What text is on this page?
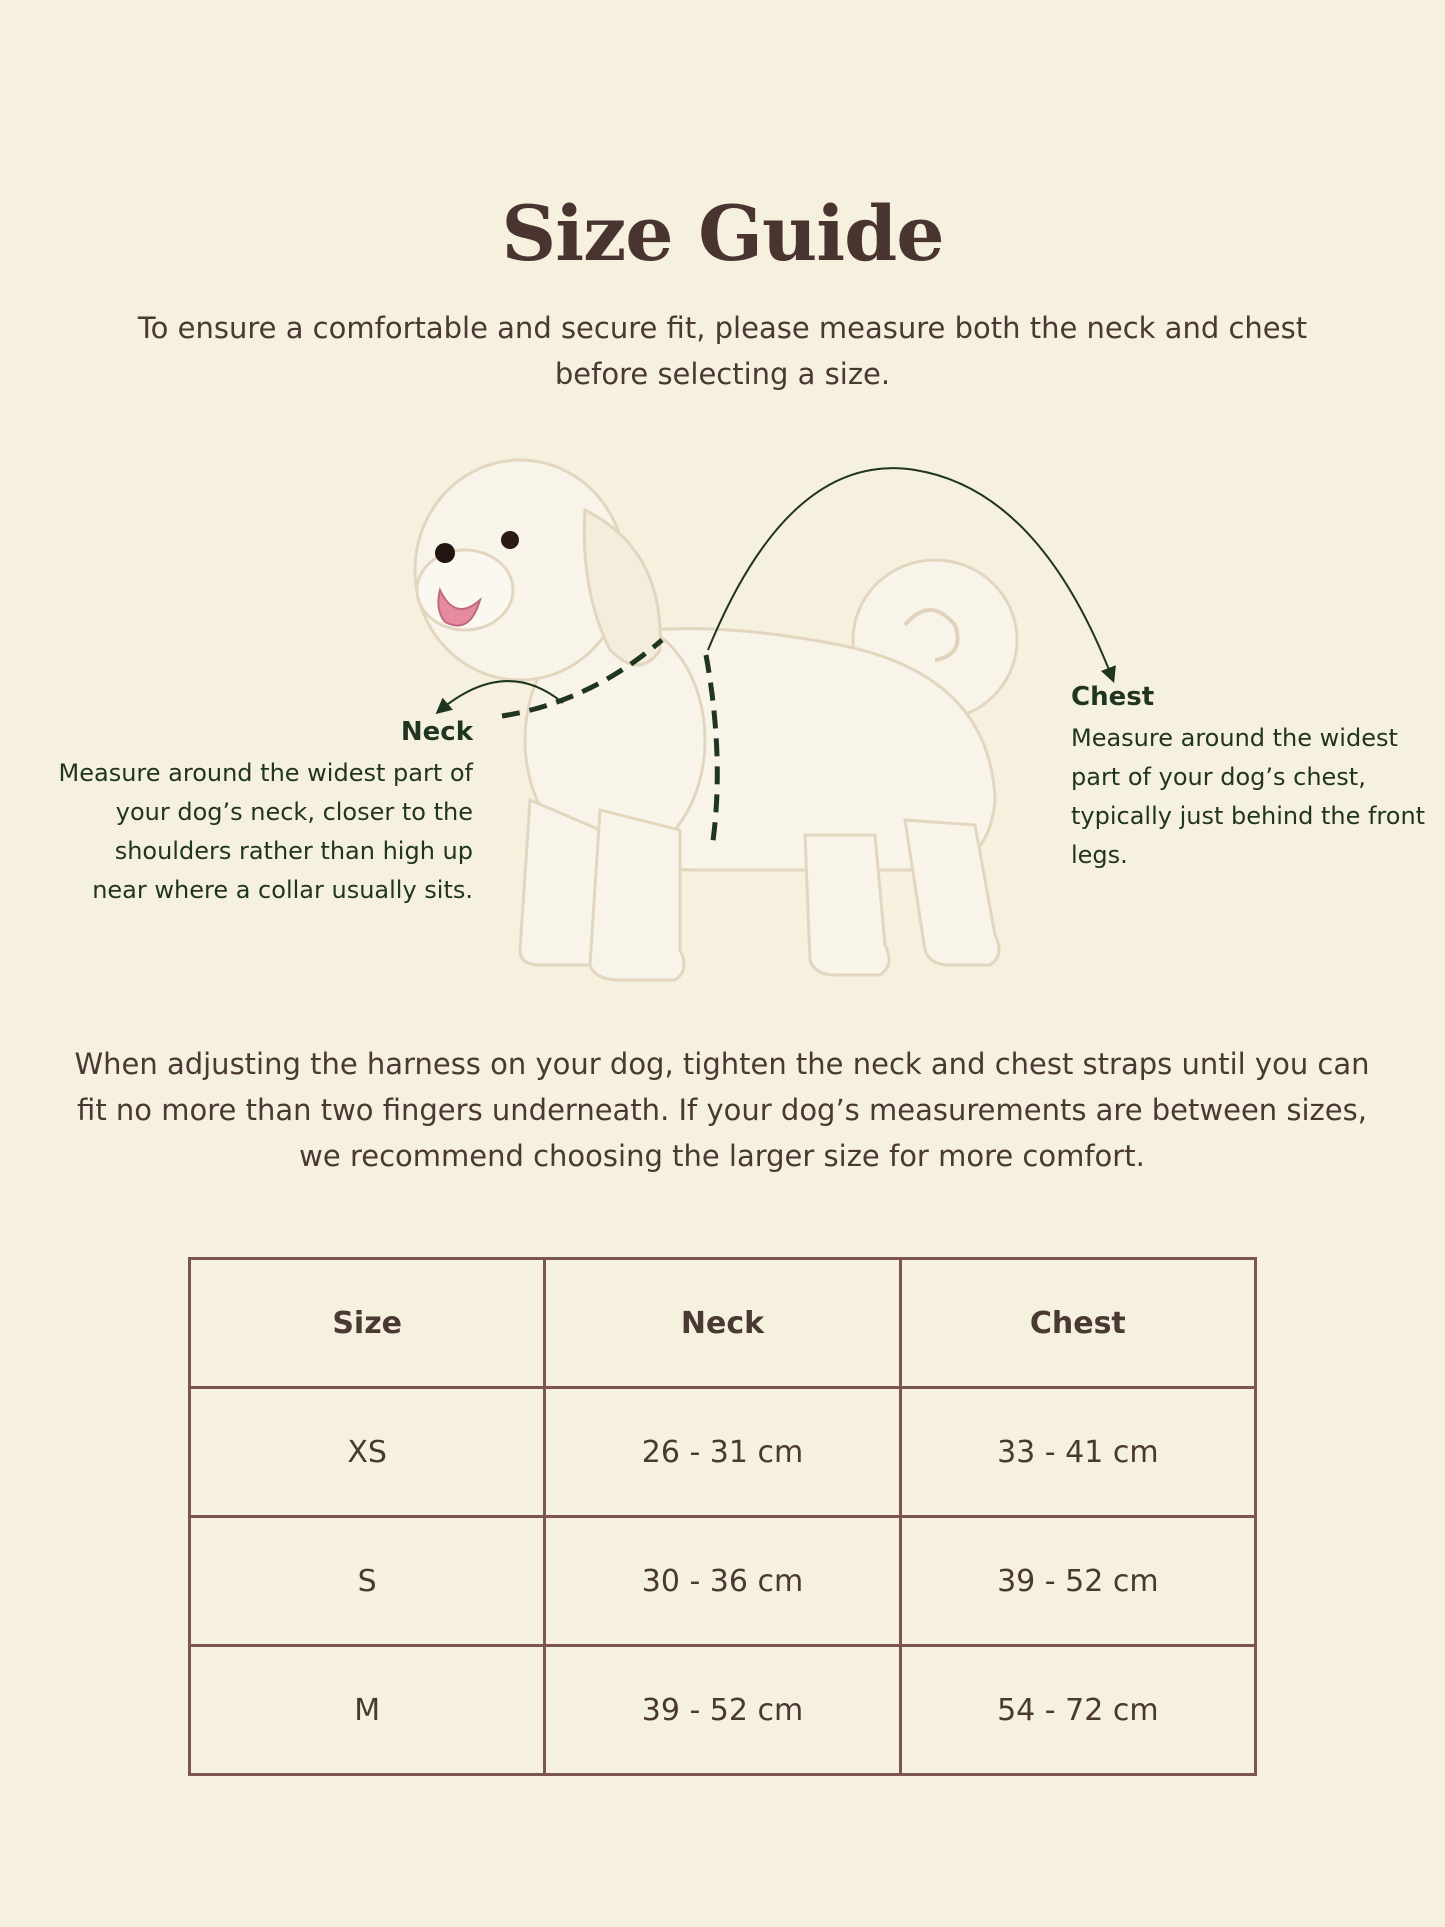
Size Guide

To ensure a comfortable and secure fit, please measure both the neck and chest before selecting a size.

Neck
Measure around the widest part of your dog’s neck, closer to the shoulders rather than high up near where a collar usually sits.
Chest
Measure around the widest part of your dog’s chest, typically just behind the front legs.

When adjusting the harness on your dog, tighten the neck and chest straps until you can fit no more than two fingers underneath. If your dog’s measurements are between sizes, we recommend choosing the larger size for more comfort.

Size	Neck	Chest
XS	26 - 31 cm	33 - 41 cm
S	30 - 36 cm	39 - 52 cm
M	39 - 52 cm	54 - 72 cm
